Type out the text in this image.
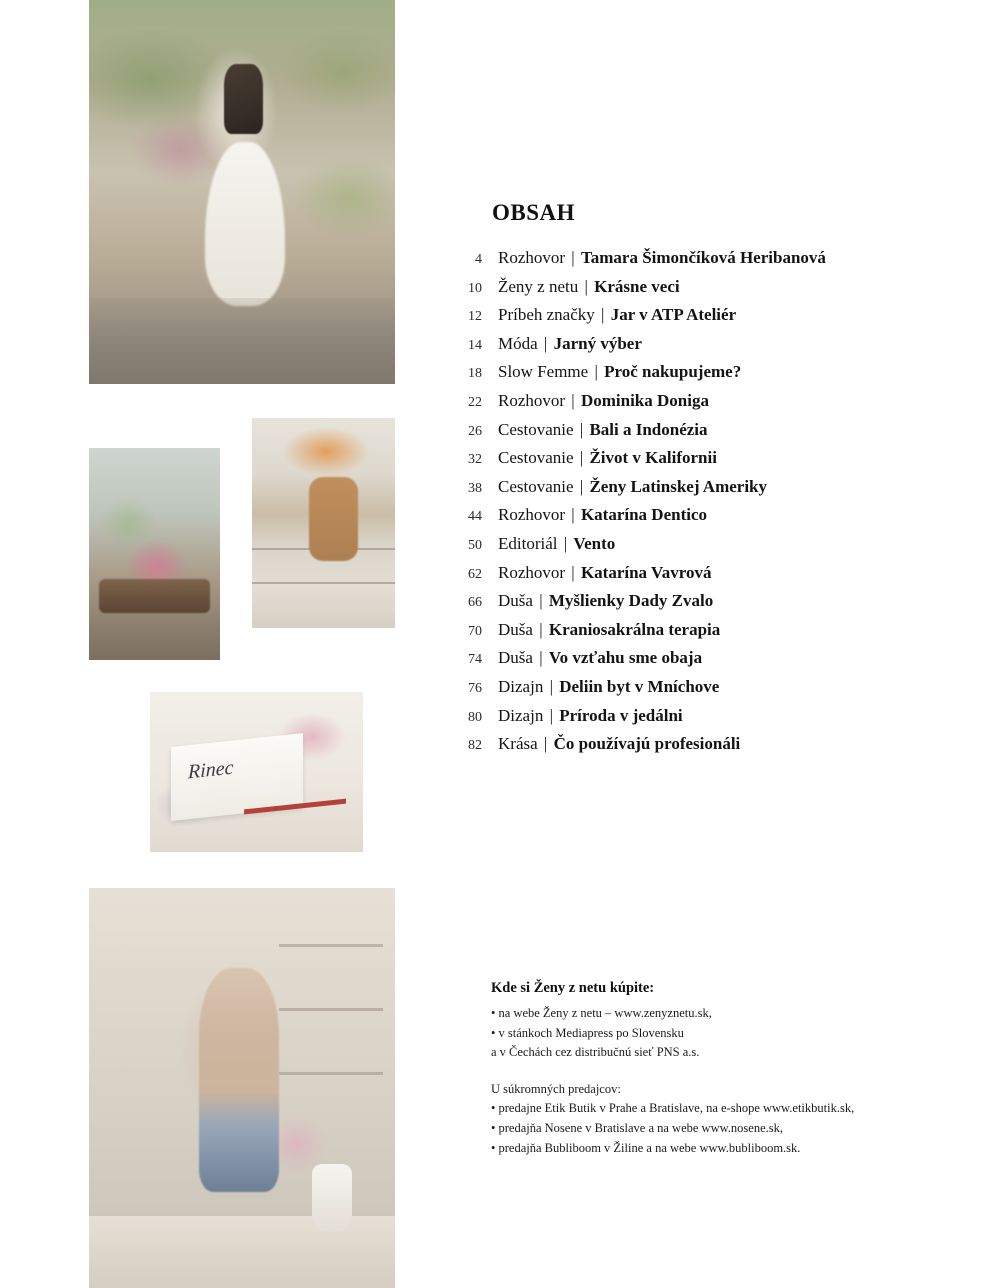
Rinec
OBSAH
4 Rozhovor | Tamara Šimončíková Heribanová
10 Ženy z netu | Krásne veci
12 Príbeh značky | Jar v ATP Ateliér
14 Móda | Jarný výber
18 Slow Femme | Proč nakupujeme?
22 Rozhovor | Dominika Doniga
26 Cestovanie | Bali a Indonézia
32 Cestovanie | Život v Kalifornii
38 Cestovanie | Ženy Latinskej Ameriky
44 Rozhovor | Katarína Dentico
50 Editoriál | Vento
62 Rozhovor | Katarína Vavrová
66 Duša | Myšlienky Dady Zvalo
70 Duša | Kraniosakrálna terapia
74 Duša | Vo vzťahu sme obaja
76 Dizajn | Deliin byt v Mníchove
80 Dizajn | Príroda v jedálni
82 Krása | Čo používajú profesionáli
Kde si Ženy z netu kúpite:
• na webe Ženy z netu – www.zenyznetu.sk,
• v stánkoch Mediapress po Slovensku
a v Čechách cez distribučnú sieť PNS a.s.
U súkromných predajcov:
• predajne Etik Butik v Prahe a Bratislave, na e-shope www.etikbutik.sk,
• predajňa Nosene v Bratislave a na webe www.nosene.sk,
• predajňa Bubliboom v Žiline a na webe www.bubliboom.sk.
